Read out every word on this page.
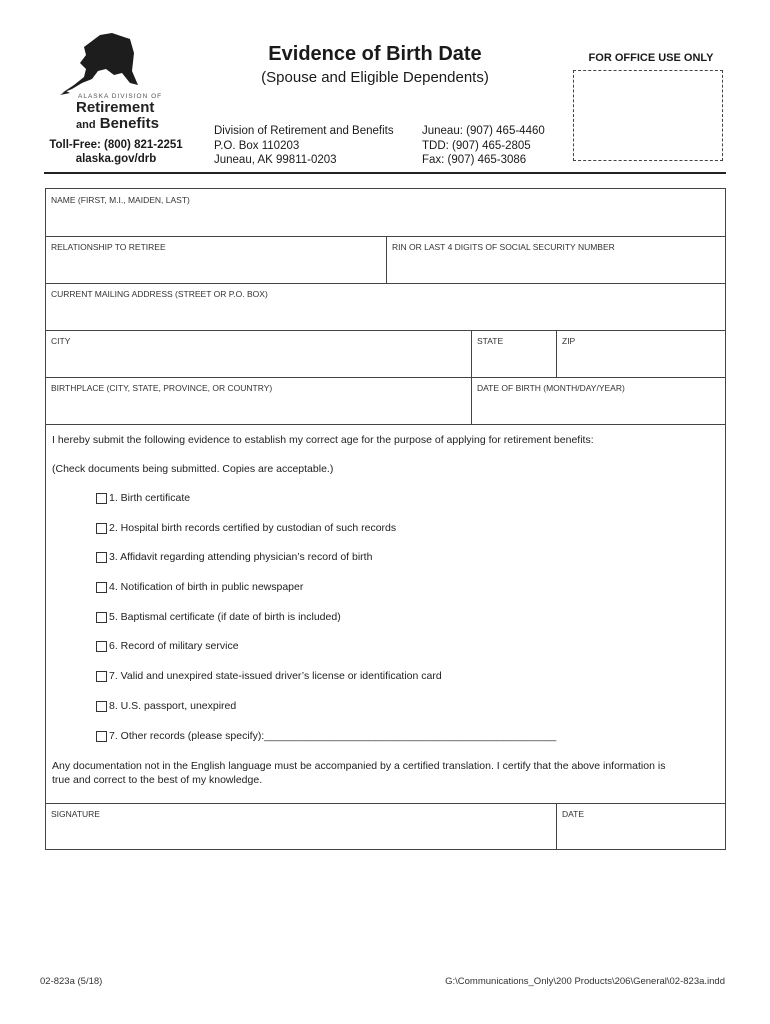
ALASKA DIVISION OF
Retirement
and Benefits
Toll-Free: (800) 821-2251
alaska.gov/drb
Evidence of Birth Date
(Spouse and Eligible Dependents)
Division of Retirement and Benefits
P.O. Box 110203
Juneau, AK 99811-0203
Juneau: (907) 465-4460
TDD: (907) 465-2805
Fax: (907) 465-3086
FOR OFFICE USE ONLY
NAME (FIRST, M.I., MAIDEN, LAST)
RELATIONSHIP TO RETIREE	RIN OR LAST 4 DIGITS OF SOCIAL SECURITY NUMBER
CURRENT MAILING ADDRESS (STREET OR P.O. BOX)
CITY	STATE	ZIP
BIRTHPLACE (CITY, STATE, PROVINCE, OR COUNTRY)	DATE OF BIRTH (MONTH/DAY/YEAR)
I hereby submit the following evidence to establish my correct age for the purpose of applying for retirement benefits:
(Check documents being submitted. Copies are acceptable.)
1. Birth certificate
2. Hospital birth records certified by custodian of such records
3. Affidavit regarding attending physician’s record of birth
4. Notification of birth in public newspaper
5. Baptismal certificate (if date of birth is included)
6. Record of military service
7. Valid and unexpired state-issued driver’s license or identification card
8. U.S. passport, unexpired
7. Other records (please specify):__________________________________________________
Any documentation not in the English language must be accompanied by a certified translation. I certify that the above information is
true and correct to the best of my knowledge.
SIGNATURE	DATE
02-823a (5/18)	G:\Communications_Only\200 Products\206\General\02-823a.indd
